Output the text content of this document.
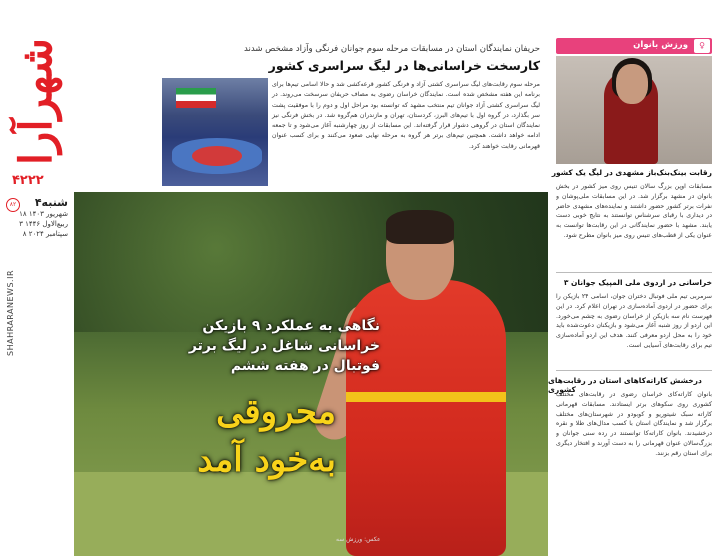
شهرآرا
۴۲۲۲
۸۲	۴شنبه
۱۸ شهریور ۱۴۰۳
۳ ربیع‌الاول ۱۴۴۶
۸ سپتامبر ۲۰۲۴
SHAHRARANEWS.IR
حریفان نمایندگان استان در مسابقات مرحله سوم جوانان فرنگی وآزاد مشخص شدند
کارسخت خراسانی‌ها در لیگ سراسری کشور
مرحله سوم رقابت‌های لیگ سراسری کشتی آزاد و فرنگی کشور قرعه‌کشی شد و حالا اسامی تیم‌ها برای برنامه این هفته مشخص شده است. نمایندگان خراسان رضوی به مصاف حریفان سرسخت می‌روند. در لیگ سراسری کشتی آزاد جوانان تیم منتخب مشهد که توانسته بود مراحل اول و دوم را با موفقیت پشت سر بگذارد، در گروه اول با تیم‌های البرز، کردستان، تهران و مازندران هم‌گروه شد. در بخش فرنگی نیز نمایندگان استان در گروهی دشوار قرار گرفته‌اند. این مسابقات از روز چهارشنبه آغاز می‌شود و تا جمعه ادامه خواهد داشت. همچنین تیم‌های برتر هر گروه به مرحله نهایی صعود می‌کنند و برای کسب عنوان قهرمانی رقابت خواهند کرد.
نگاهی به عملکرد ۹ بازیکن خراسانی شاغل در لیگ برتر فوتبال در هفته ششم
محروقی به‌خود آمد
عکس: ورزش سه
ورزش بانوان	♀
رقابت بینک‌بنک‌باز مشهدی در لیگ یک کشور
مسابقات اوپن بزرگ سالان تنیس روی میز کشور در بخش بانوان در مشهد برگزار شد. در این مسابقات ملی‌پوشان و نفرات برتر کشور حضور داشتند و نماینده‌های مشهدی حاضر در دیداری با رقبای سرشناس توانستند به نتایج خوبی دست یابند. مشهد با حضور نمایندگانی در این رقابت‌ها توانست به عنوان یکی از قطب‌های تنیس روی میز بانوان مطرح شود.
۳ خراسانی در اردوی ملی المپیک جوانان
سرمربی تیم ملی فوتبال دختران جوان، اسامی ۲۴ بازیکن را برای حضور در اردوی آماده‌سازی در تهران اعلام کرد. در این فهرست نام سه بازیکن از خراسان رضوی به چشم می‌خورد. این اردو از روز شنبه آغاز می‌شود و بازیکنان دعوت‌شده باید خود را به محل اردو معرفی کنند. هدف این اردو آماده‌سازی تیم برای رقابت‌های آسیایی است.
درخشش کاراته‌کاهای استان در رقابت‌های کشوری
بانوان کاراته‌کای خراسان رضوی در رقابت‌های مختلف کشوری روی سکوهای برتر ایستادند. مسابقات قهرمانی کاراته سبک شیتوریو و کوبودو در شهرستان‌های مختلف برگزار شد و نمایندگان استان با کسب مدال‌های طلا و نقره درخشیدند. بانوان کاراته‌کا توانستند در رده سنی جوانان و بزرگ‌سالان عنوان قهرمانی را به دست آورند و افتخار دیگری برای استان رقم بزنند.
